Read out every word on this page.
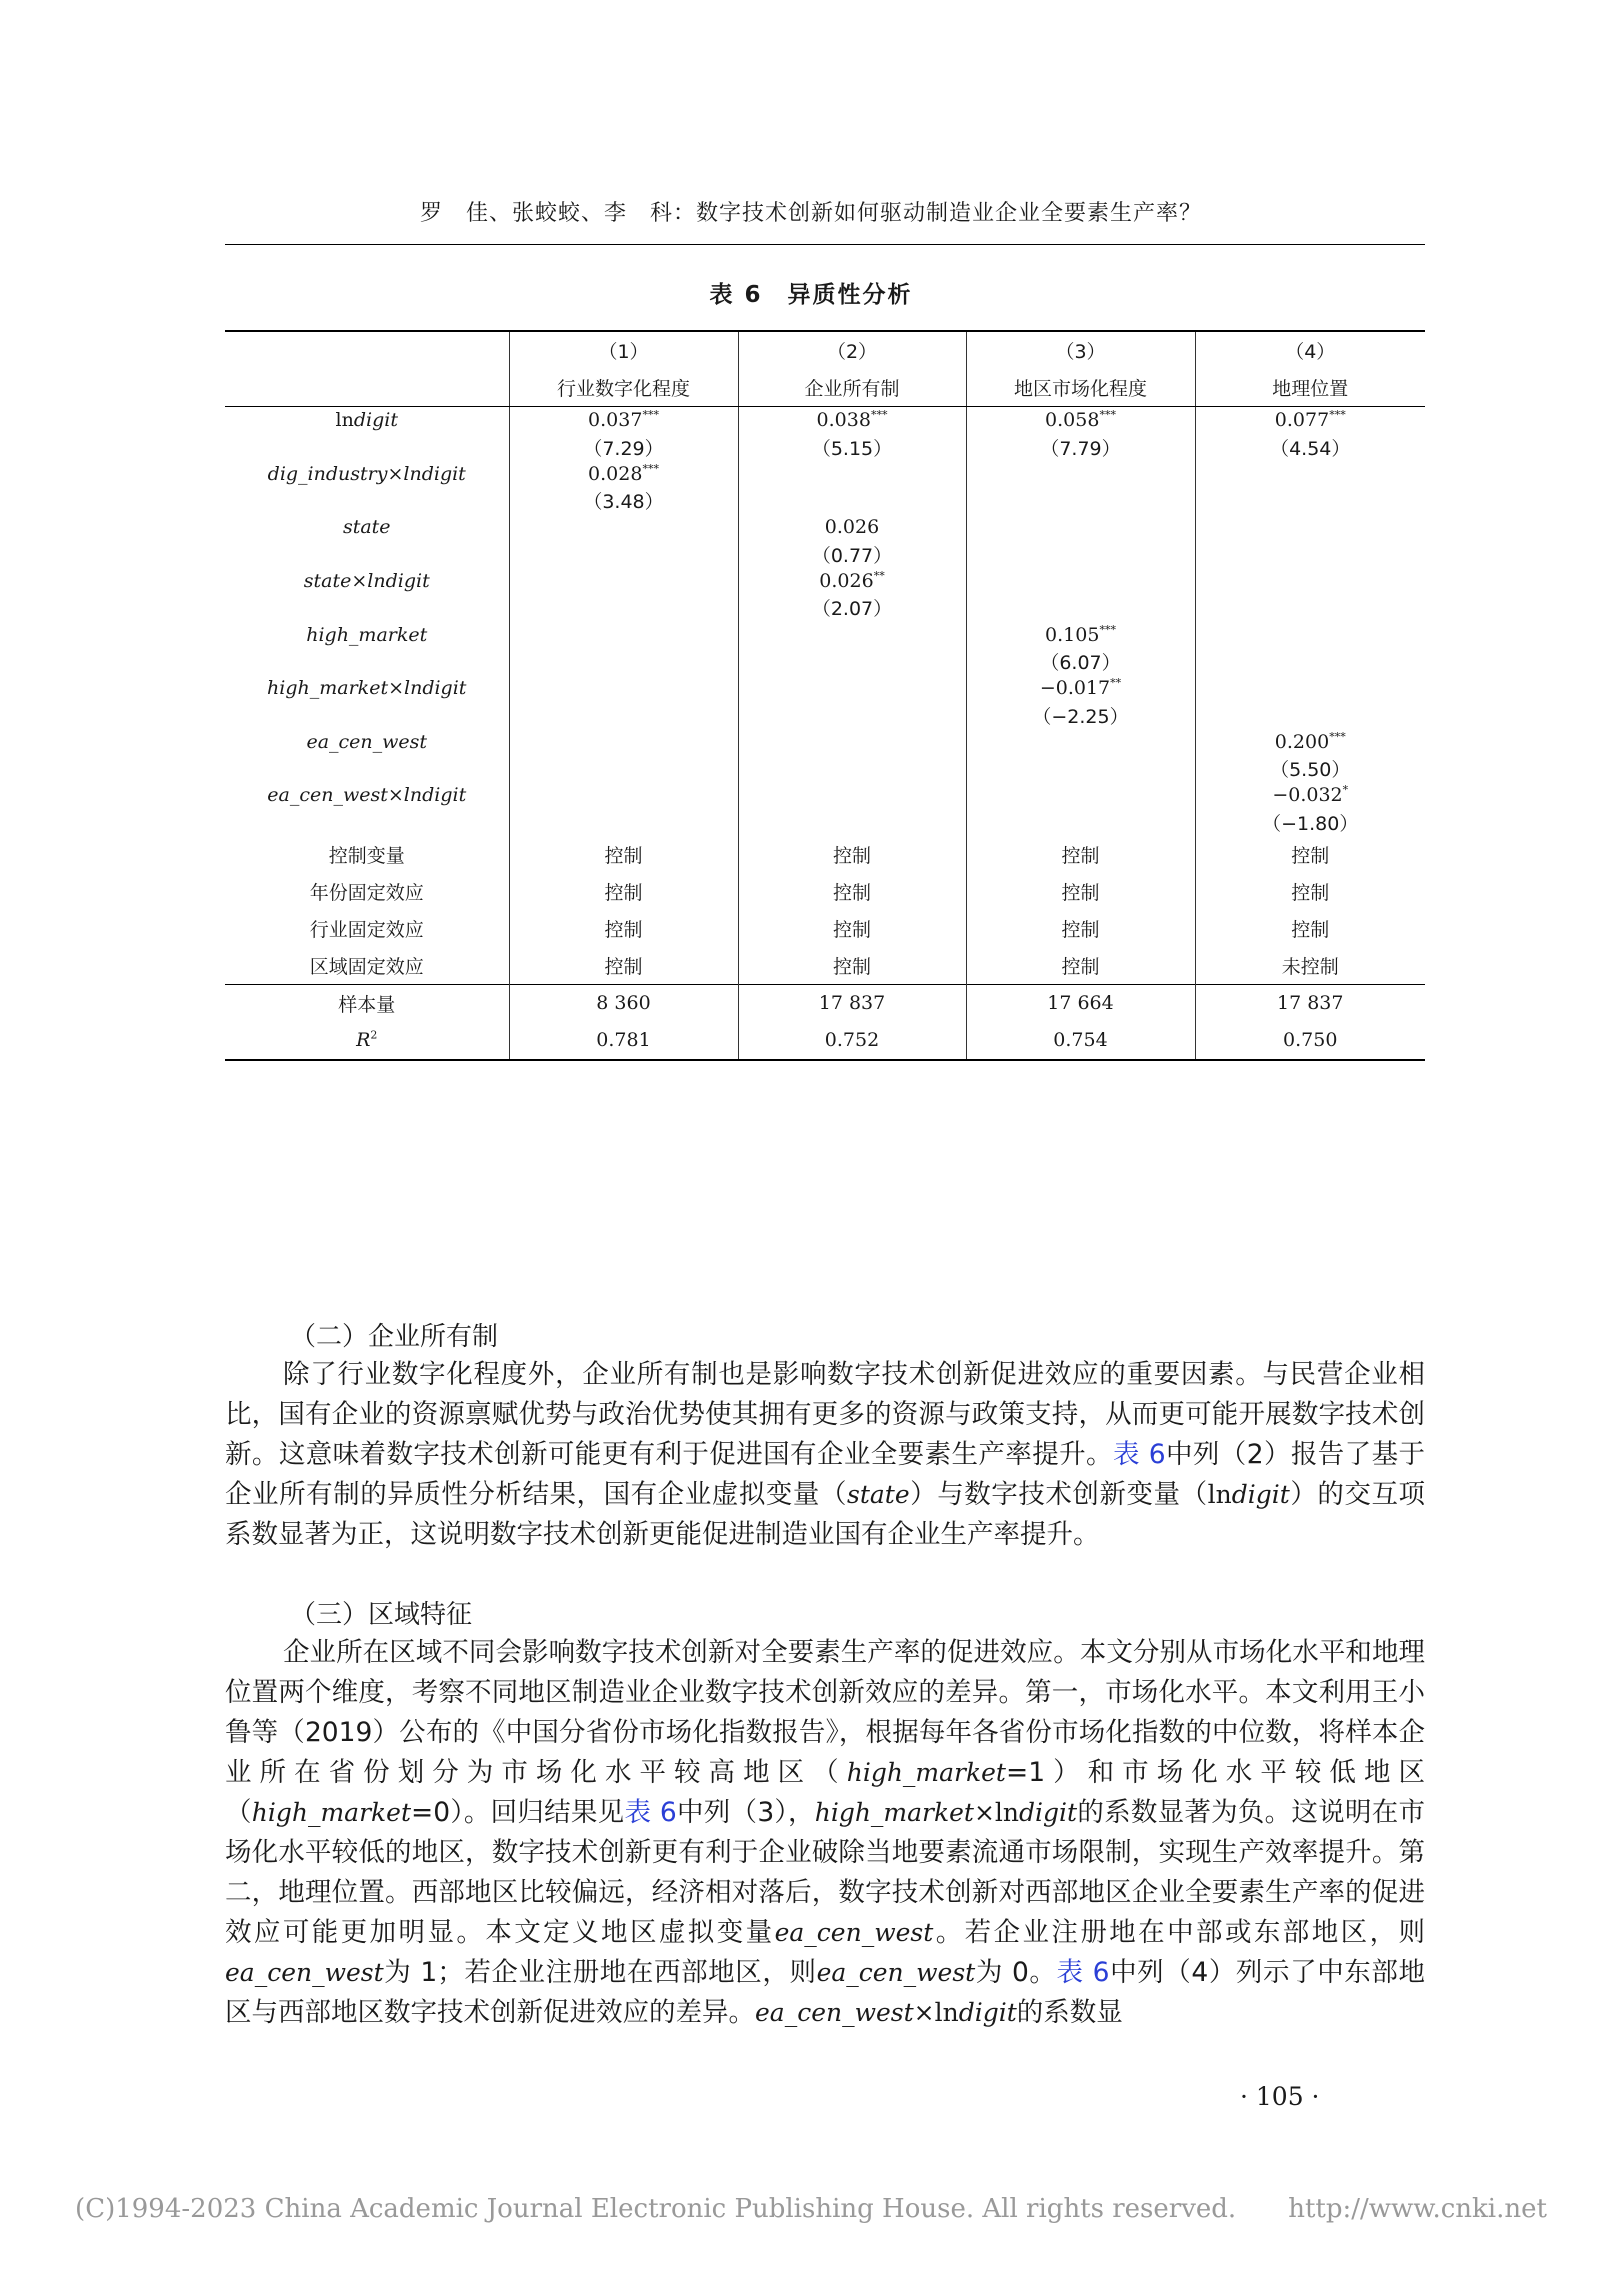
罗　佳、张蛟蛟、李　科：数字技术创新如何驱动制造业企业全要素生产率？
表 6　异质性分析
	（1）	（2）	（3）	（4）
	行业数字化程度	企业所有制	地区市场化程度	地理位置
lndigit	0.037***	0.038***	0.058***	0.077***
	（7.29）	（5.15）	（7.79）	（4.54）
dig_industry×lndigit	0.028***			
	（3.48）			
state		0.026		
		（0.77）		
state×lndigit		0.026**		
		（2.07）		
high_market			0.105***	
			（6.07）	
high_market×lndigit			−0.017**	
			（−2.25）	
ea_cen_west				0.200***
				（5.50）
ea_cen_west×lndigit				−0.032*
				（−1.80）
控制变量	控制	控制	控制	控制
年份固定效应	控制	控制	控制	控制
行业固定效应	控制	控制	控制	控制
区域固定效应	控制	控制	控制	未控制
样本量	8 360	17 837	17 664	17 837
$R^2$	0.781	0.752	0.754	0.750
（二）企业所有制

除了行业数字化程度外，企业所有制也是影响数字技术创新促进效应的重要因素。与民营企业相比，国有企业的资源禀赋优势与政治优势使其拥有更多的资源与政策支持，从而更可能开展数字技术创新。这意味着数字技术创新可能更有利于促进国有企业全要素生产率提升。表 6中列（2）报告了基于企业所有制的异质性分析结果，国有企业虚拟变量（state）与数字技术创新变量（lndigit）的交互项系数显著为正，这说明数字技术创新更能促进制造业国有企业生产率提升。

（三）区域特征

企业所在区域不同会影响数字技术创新对全要素生产率的促进效应。本文分别从市场化水平和地理位置两个维度，考察不同地区制造业企业数字技术创新效应的差异。第一，市场化水平。本文利用王小鲁等（2019）公布的《中国分省份市场化指数报告》，根据每年各省份市场化指数的中位数，将样本企业所在省份划分为市场化水平较高地区（high_market=1）和市场化水平较低地区（high_market=0）。回归结果见表 6中列（3），high_market×lndigit的系数显著为负。这说明在市场化水平较低的地区，数字技术创新更有利于企业破除当地要素流通市场限制，实现生产效率提升。第二，地理位置。西部地区比较偏远，经济相对落后，数字技术创新对西部地区企业全要素生产率的促进效应可能更加明显。本文定义地区虚拟变量ea_cen_west。若企业注册地在中部或东部地区，则ea_cen_west为 1；若企业注册地在西部地区，则ea_cen_west为 0。表 6中列（4）列示了中东部地区与西部地区数字技术创新促进效应的差异。ea_cen_west×lndigit的系数显

· 105 ·
(C)1994-2023 China Academic Journal Electronic Publishing House. All rights reserved.　　http://www.cnki.net
